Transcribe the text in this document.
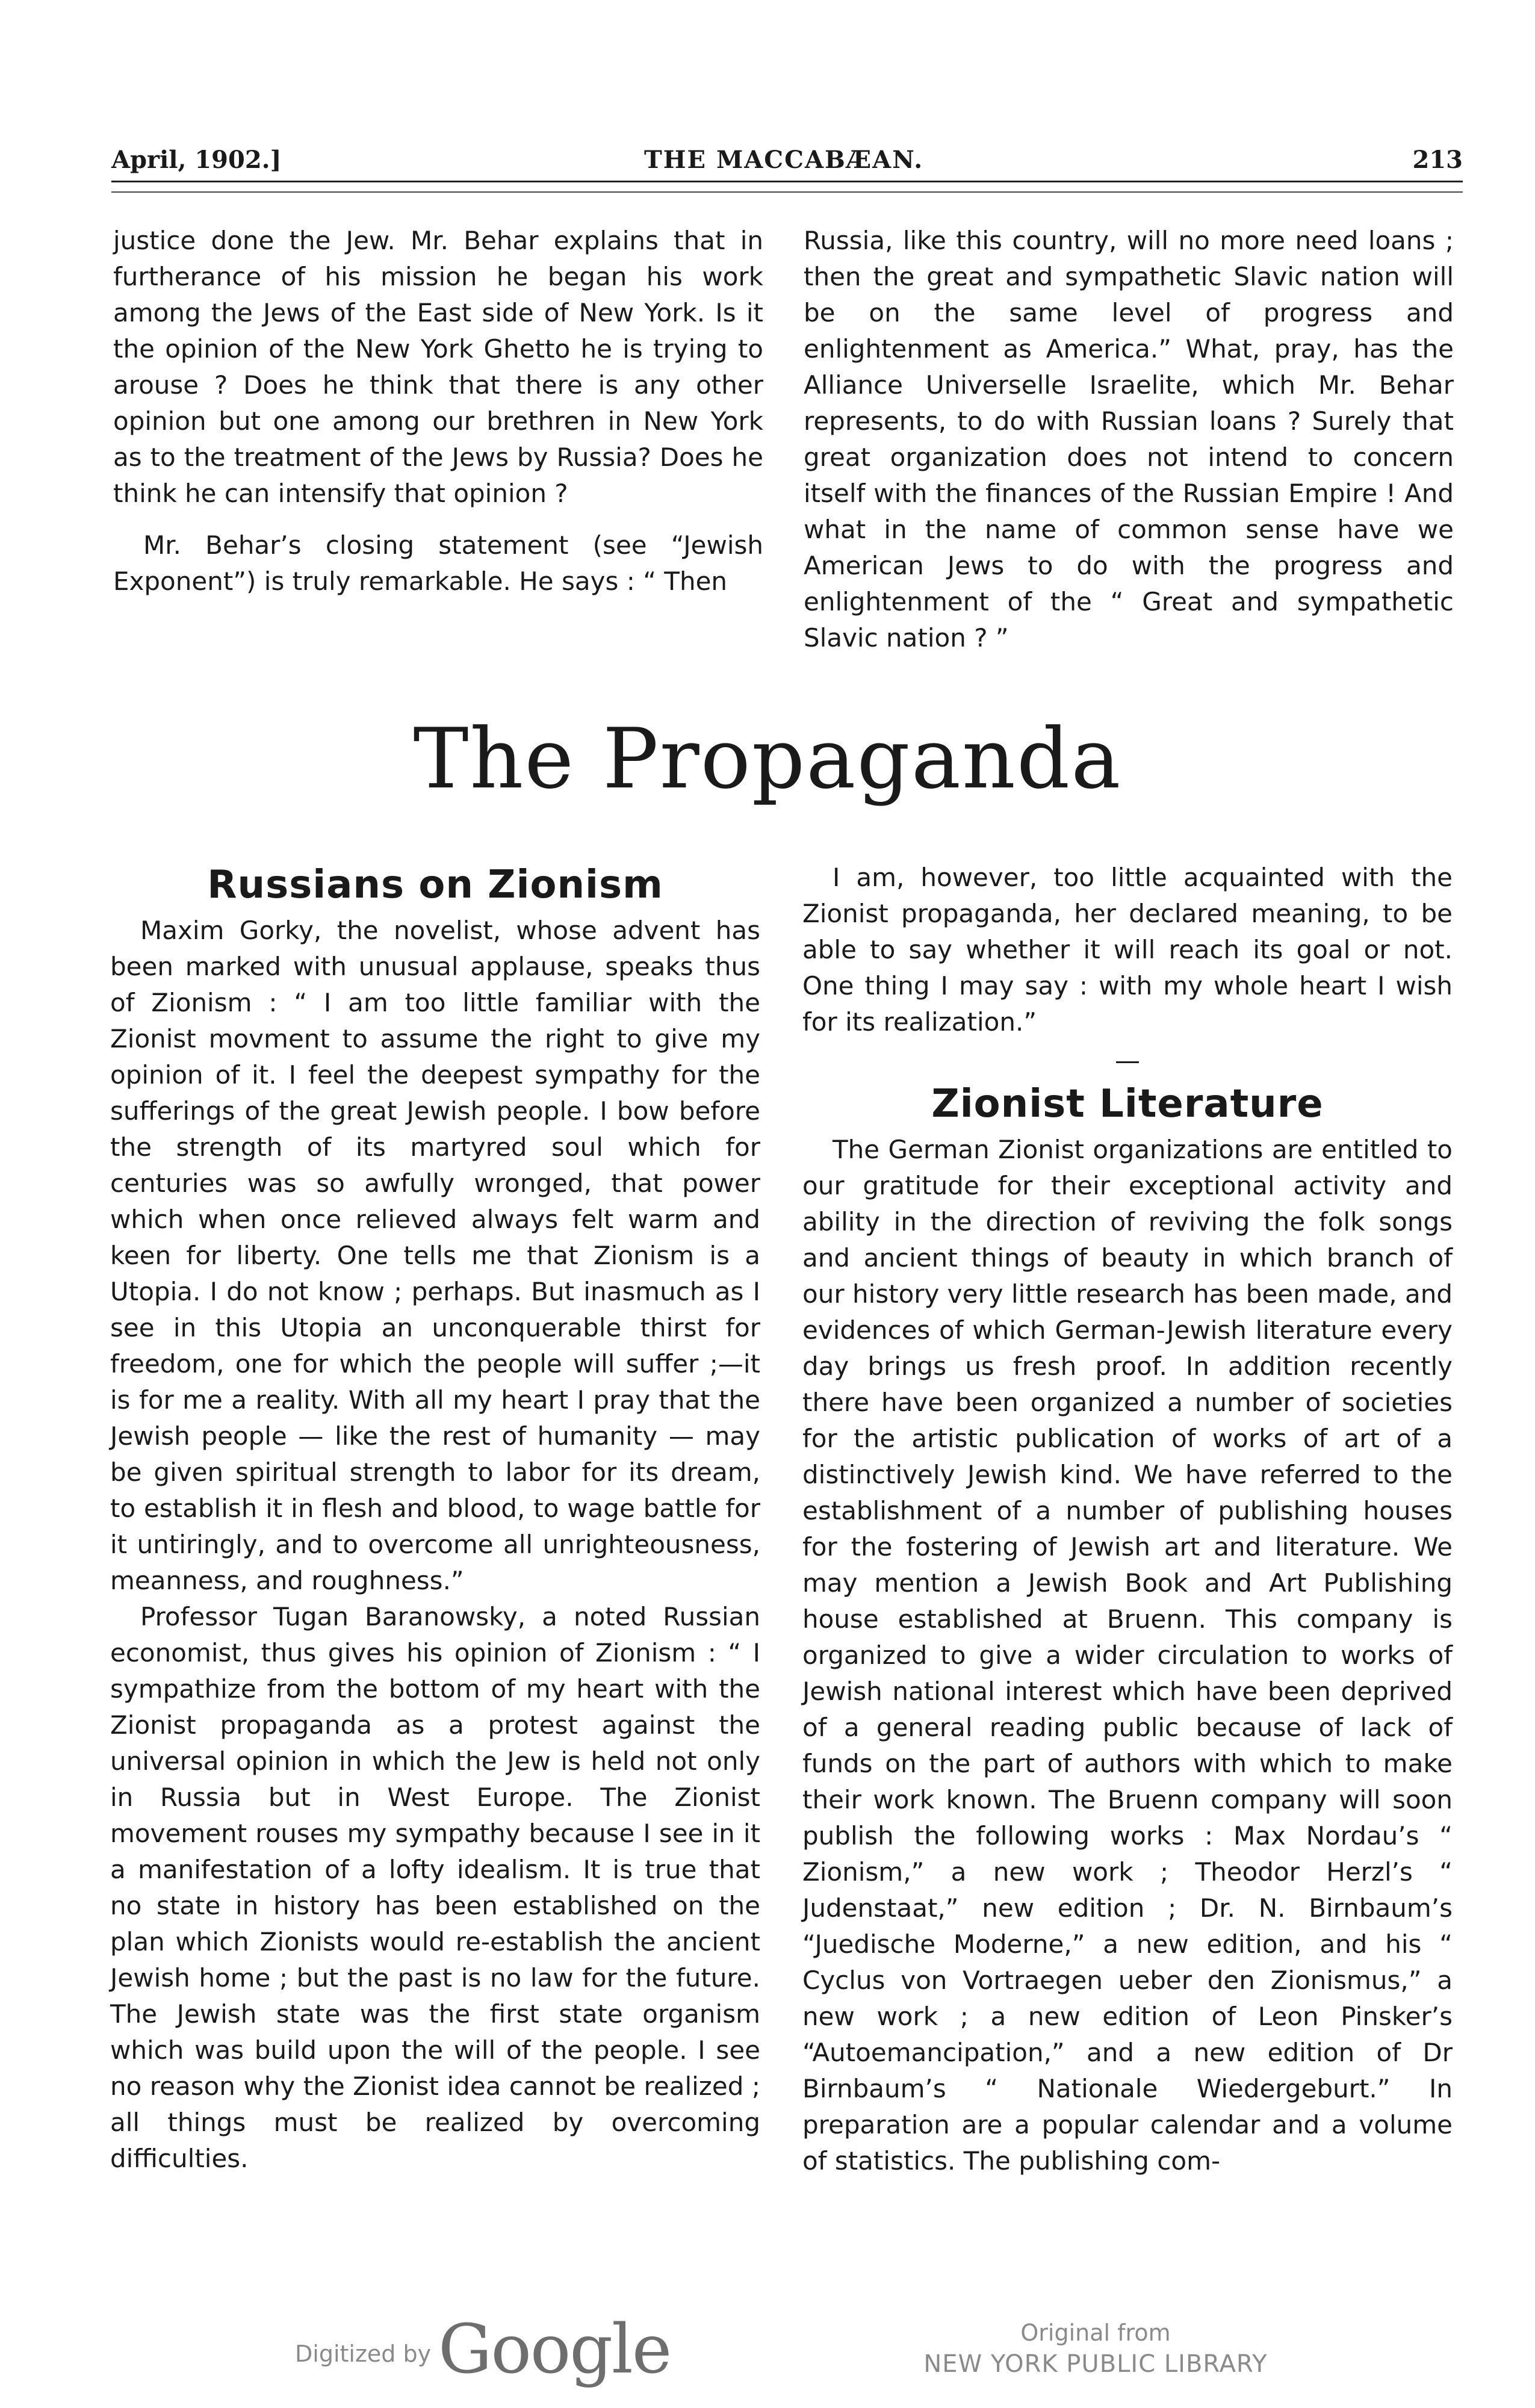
April, 1902.]	THE MACCABÆAN.	213

justice done the Jew. Mr. Behar explains that in furtherance of his mission he began his work among the Jews of the East side of New York. Is it the opinion of the New York Ghetto he is trying to arouse ? Does he think that there is any other opinion but one among our brethren in New York as to the treatment of the Jews by Russia? Does he think he can intensify that opinion ?

Mr. Behar’s closing statement (see “Jewish Exponent”) is truly remarkable. He says : “ Then

Russia, like this country, will no more need loans ; then the great and sympathetic Slavic nation will be on the same level of progress and enlightenment as America.” What, pray, has the Alliance Universelle Israelite, which Mr. Behar represents, to do with Russian loans ? Surely that great organization does not intend to concern itself with the finances of the Russian Empire ! And what in the name of common sense have we American Jews to do with the progress and enlightenment of the “ Great and sympathetic Slavic nation ? ”

The Propaganda
Russians on Zionism

Maxim Gorky, the novelist, whose advent has been marked with unusual applause, speaks thus of Zionism : “ I am too little familiar with the Zionist movment to assume the right to give my opinion of it. I feel the deepest sympathy for the sufferings of the great Jewish people. I bow before the strength of its martyred soul which for centuries was so awfully wronged, that power which when once relieved always felt warm and keen for liberty. One tells me that Zionism is a Utopia. I do not know ; perhaps. But inasmuch as I see in this Utopia an unconquerable thirst for freedom, one for which the people will suffer ;—it is for me a reality. With all my heart I pray that the Jewish people — like the rest of humanity — may be given spiritual strength to labor for its dream, to establish it in flesh and blood, to wage battle for it untiringly, and to overcome all unrighteousness, meanness, and roughness.”

Professor Tugan Baranowsky, a noted Russian economist, thus gives his opinion of Zionism : “ I sympathize from the bottom of my heart with the Zionist propaganda as a protest against the universal opinion in which the Jew is held not only in Russia but in West Europe. The Zionist movement rouses my sympathy because I see in it a manifestation of a lofty idealism. It is true that no state in history has been established on the plan which Zionists would re-establish the ancient Jewish home ; but the past is no law for the future. The Jewish state was the first state organism which was build upon the will of the people. I see no reason why the Zionist idea cannot be realized ; all things must be realized by overcoming difficulties.

I am, however, too little acquainted with the Zionist propaganda, her declared meaning, to be able to say whether it will reach its goal or not. One thing I may say : with my whole heart I wish for its realization.”

—
Zionist Literature

The German Zionist organizations are entitled to our gratitude for their exceptional activity and ability in the direction of reviving the folk songs and ancient things of beauty in which branch of our history very little research has been made, and evidences of which German-Jewish literature every day brings us fresh proof. In addition recently there have been organized a number of societies for the artistic publication of works of art of a distinctively Jewish kind. We have referred to the establishment of a number of publishing houses for the fostering of Jewish art and literature. We may mention a Jewish Book and Art Publishing house established at Bruenn. This company is organized to give a wider circulation to works of Jewish national interest which have been deprived of a general reading public because of lack of funds on the part of authors with which to make their work known. The Bruenn company will soon publish the following works : Max Nordau’s “ Zionism,” a new work ; Theodor Herzl’s “ Judenstaat,” new edition ; Dr. N. Birnbaum’s “Juedische Moderne,” a new edition, and his “ Cyclus von Vortraegen ueber den Zionismus,” a new work ; a new edition of Leon Pinsker’s “Autoemancipation,” and a new edition of Dr Birnbaum’s “ Nationale Wiedergeburt.” In preparation are a popular calendar and a volume of statistics. The publishing com-

Digitized by Google	Original from
NEW YORK PUBLIC LIBRARY
